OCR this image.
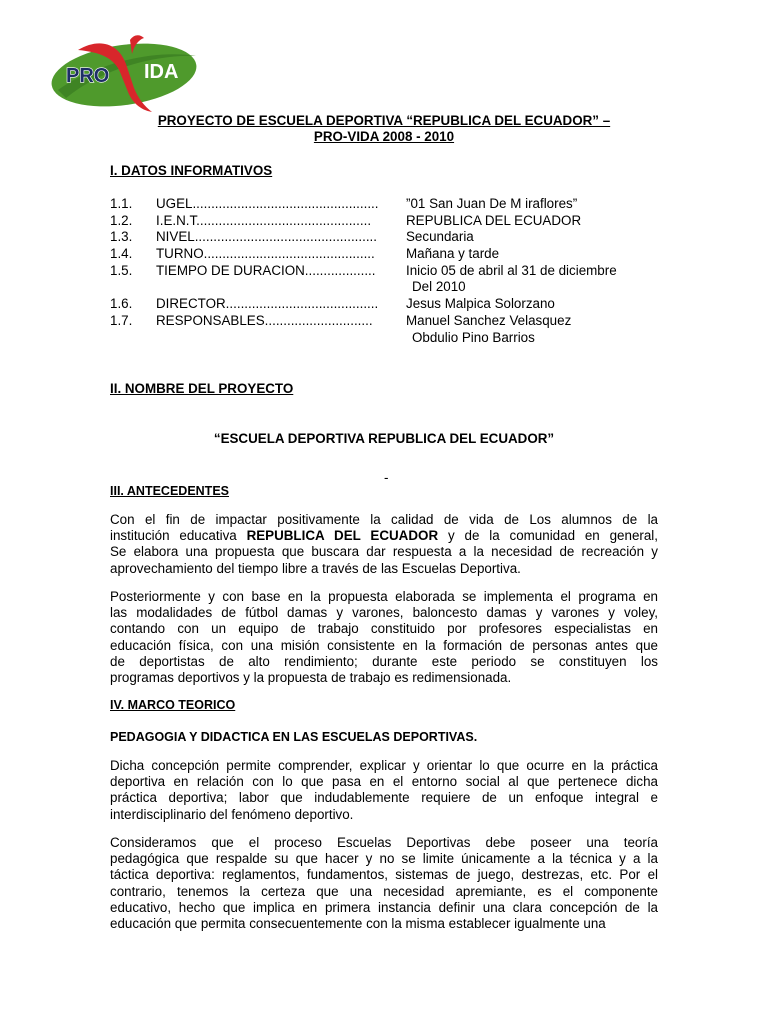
PRO IDA
PROYECTO DE ESCUELA DEPORTIVA “REPUBLICA DEL ECUADOR” –
PRO-VIDA 2008 - 2010
I. DATOS INFORMATIVOS
1.1. UGEL.................................................. ”01 San Juan De M iraflores”
1.2. I.E.N.T...............................................	REPUBLICA DEL ECUADOR
1.3. NIVEL................................................. Secundaria
1.4. TURNO.............................................. Mañana y tarde
1.5. TIEMPO DE DURACION................... Inicio 05 de abril al 31 de diciembre
Del 2010
1.6. DIRECTOR......................................... Jesus Malpica Solorzano
1.7. RESPONSABLES............................. Manuel Sanchez Velasquez
Obdulio Pino Barrios
II. NOMBRE DEL PROYECTO
“ESCUELA DEPORTIVA REPUBLICA DEL ECUADOR”
-
III. ANTECEDENTES
Con el fin de impactar positivamente la calidad de vida de Los alumnos de la
institución educativa REPUBLICA DEL ECUADOR y de la comunidad en general,
Se elabora una propuesta que buscara dar respuesta a la necesidad de recreación y
aprovechamiento del tiempo libre a través de las Escuelas Deportiva.
Posteriormente y con base en la propuesta elaborada se implementa el programa en
las modalidades de fútbol damas y varones, baloncesto damas y varones y voley,
contando con un equipo de trabajo constituido por profesores especialistas en
educación física, con una misión consistente en la formación de personas antes que
de deportistas de alto rendimiento; durante este periodo se constituyen los
programas deportivos y la propuesta de trabajo es redimensionada.
IV. MARCO TEORICO
PEDAGOGIA Y DIDACTICA EN LAS ESCUELAS DEPORTIVAS.
Dicha concepción permite comprender, explicar y orientar lo que ocurre en la práctica
deportiva en relación con lo que pasa en el entorno social al que pertenece dicha
práctica deportiva; labor que indudablemente requiere de un enfoque integral e
interdisciplinario del fenómeno deportivo.
Consideramos que el proceso Escuelas Deportivas debe poseer una teoría
pedagógica que respalde su que hacer y no se limite únicamente a la técnica y a la
táctica deportiva: reglamentos, fundamentos, sistemas de juego, destrezas, etc. Por el
contrario, tenemos la certeza que una necesidad apremiante, es el componente
educativo, hecho que implica en primera instancia definir una clara concepción de la
educación que permita consecuentemente con la misma establecer igualmente una
